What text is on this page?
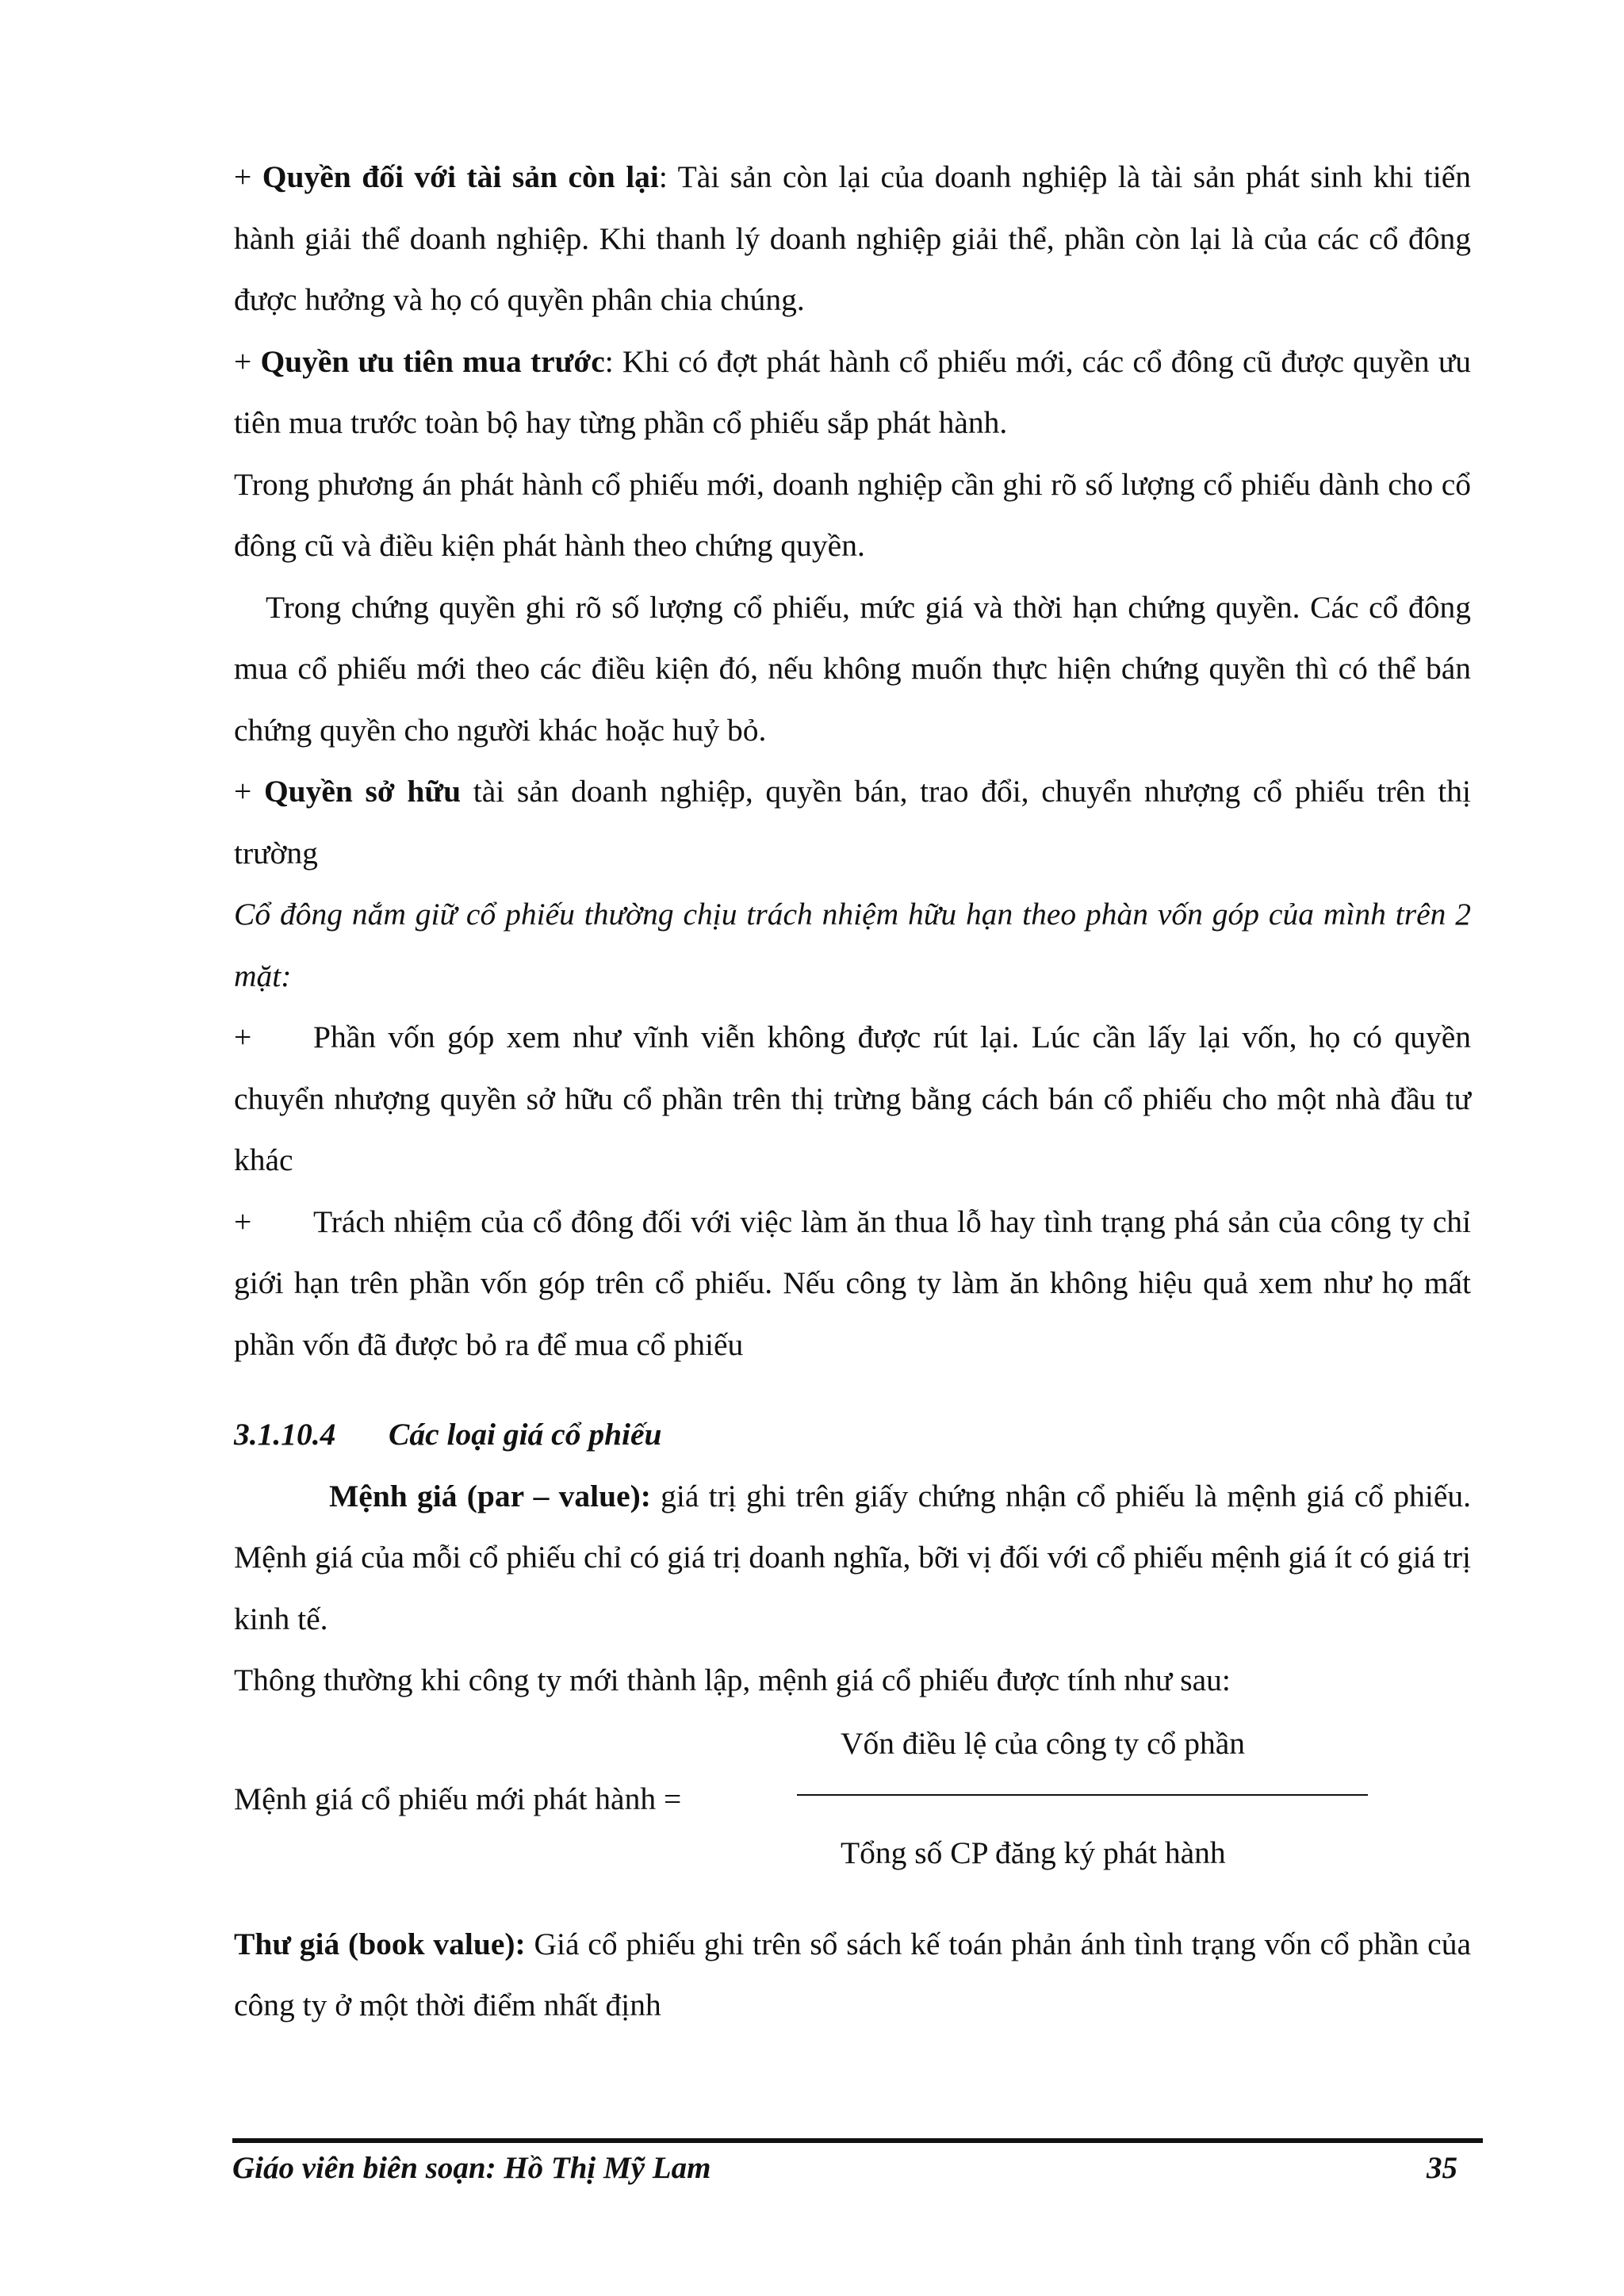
+ Quyền đối với tài sản còn lại: Tài sản còn lại của doanh nghiệp là tài sản phát sinh khi tiến hành giải thể doanh nghiệp. Khi thanh lý doanh nghiệp giải thể, phần còn lại là của các cổ đông được hưởng và họ có quyền phân chia chúng.

+ Quyền ưu tiên mua trước: Khi có đợt phát hành cổ phiếu mới, các cổ đông cũ được quyền ưu tiên mua trước toàn bộ hay từng phần cổ phiếu sắp phát hành.

Trong phương án phát hành cổ phiếu mới, doanh nghiệp cần ghi rõ số lượng cổ phiếu dành cho cổ đông cũ và điều kiện phát hành theo chứng quyền.

Trong chứng quyền ghi rõ số lượng cổ phiếu, mức giá và thời hạn chứng quyền. Các cổ đông mua cổ phiếu mới theo các điều kiện đó, nếu không muốn thực hiện chứng quyền thì có thể bán chứng quyền cho người khác hoặc huỷ bỏ.

+ Quyền sở hữu tài sản doanh nghiệp, quyền bán, trao đổi, chuyển nhượng cổ phiếu trên thị trường

Cổ đông nắm giữ cổ phiếu thường chịu trách nhiệm hữu hạn theo phàn vốn góp của mình trên 2 mặt:

+ Phần vốn góp xem như vĩnh viễn không được rút lại. Lúc cần lấy lại vốn, họ có quyền chuyển nhượng quyền sở hữu cổ phần trên thị trừng bằng cách bán cổ phiếu cho một nhà đầu tư khác

+ Trách nhiệm của cổ đông đối với việc làm ăn thua lỗ hay tình trạng phá sản của công ty chỉ giới hạn trên phần vốn góp trên cổ phiếu. Nếu công ty làm ăn không hiệu quả xem như họ mất phần vốn đã được bỏ ra để mua cổ phiếu

3.1.10.4 Các loại giá cổ phiếu

Mệnh giá (par – value): giá trị ghi trên giấy chứng nhận cổ phiếu là mệnh giá cổ phiếu. Mệnh giá của mỗi cổ phiếu chỉ có giá trị doanh nghĩa, bỡi vị đối với cổ phiếu mệnh giá ít có giá trị kinh tế.

Thông thường khi công ty mới thành lập, mệnh giá cổ phiếu được tính như sau:

Mệnh giá cổ phiếu mới phát hành =
Vốn điều lệ của công ty cổ phần
Tổng số CP đăng ký phát hành

Thư giá (book value): Giá cổ phiếu ghi trên sổ sách kế toán phản ánh tình trạng vốn cổ phần của công ty ở một thời điểm nhất định

Giáo viên biên soạn: Hồ Thị Mỹ Lam	35
